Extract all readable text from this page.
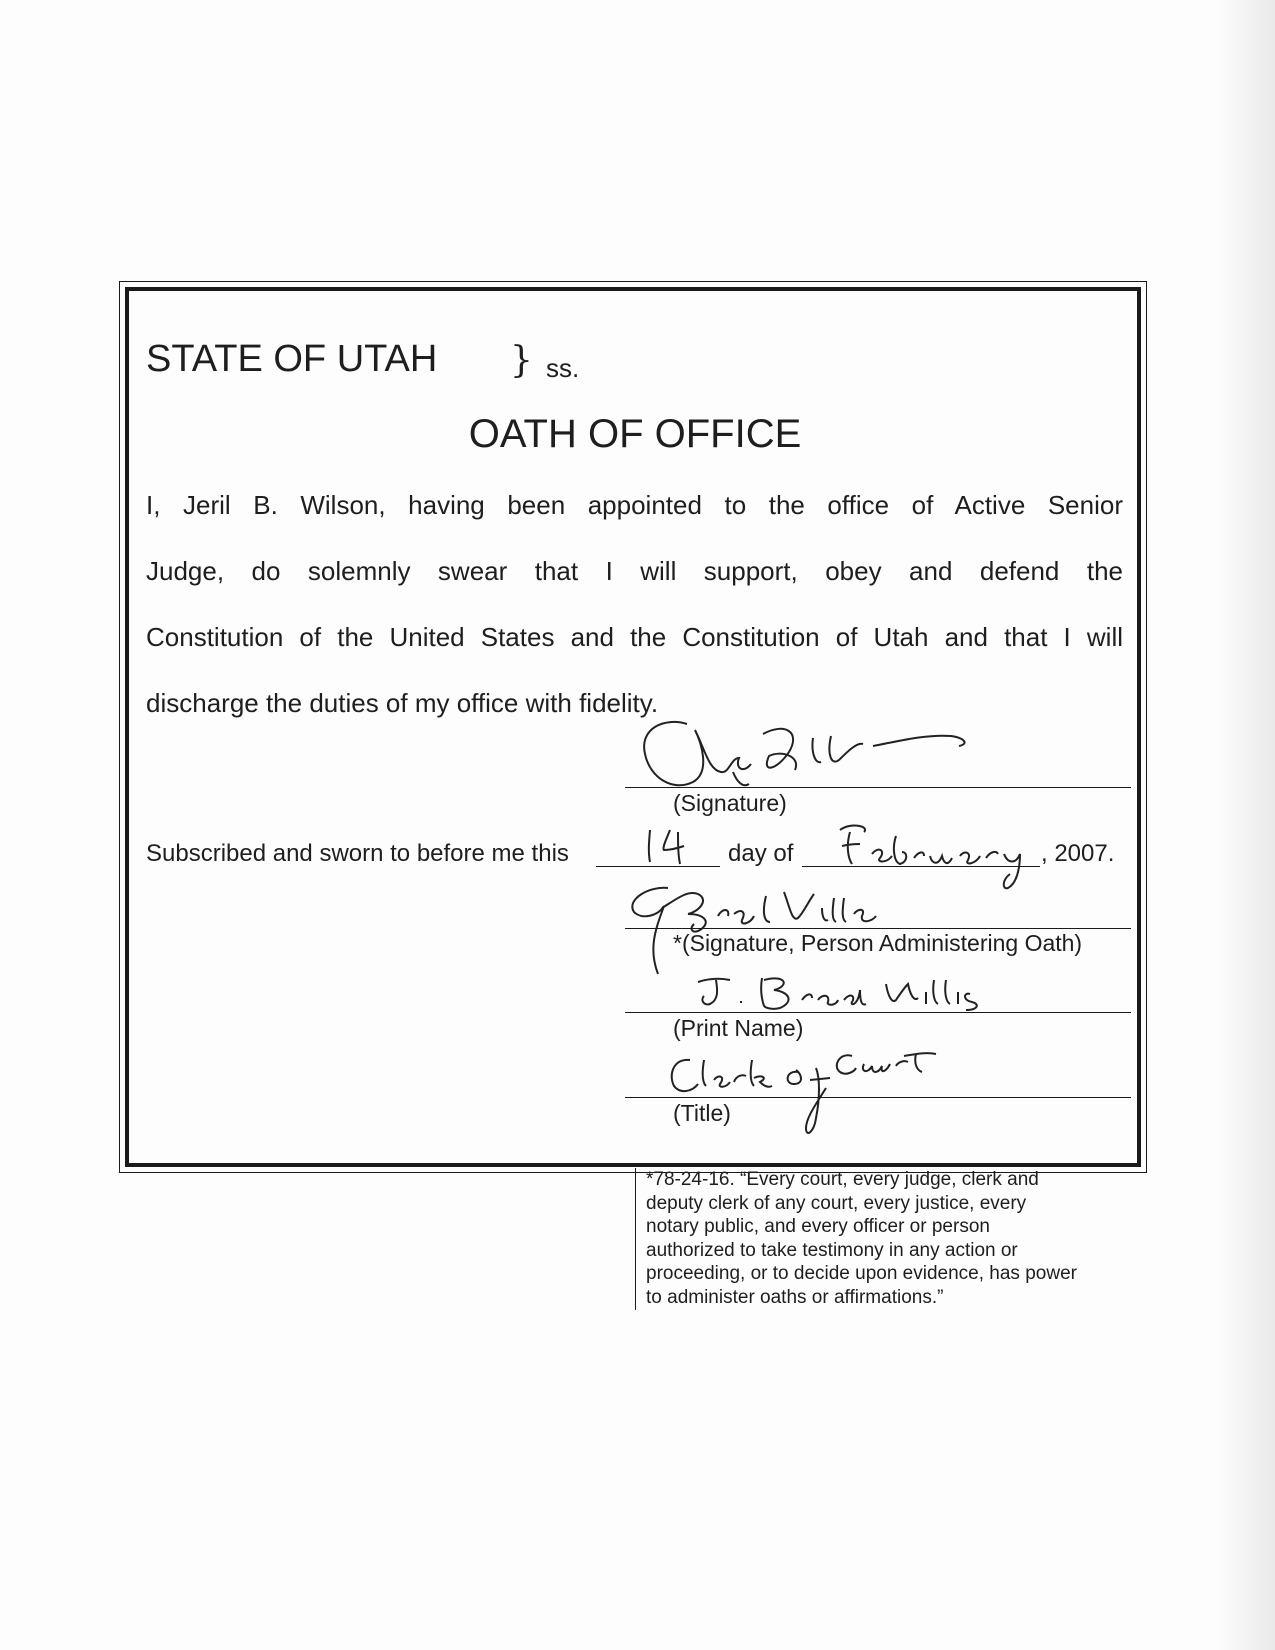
STATE OF UTAH } ss.
OATH OF OFFICE
I, Jeril B. Wilson, having been appointed to the office of Active Senior
Judge, do solemnly swear that I will support, obey and defend the
Constitution of the United States and the Constitution of Utah and that I will
discharge the duties of my office with fidelity.
(Signature)
Subscribed and sworn to before me this	day of	, 2007.
*(Signature, Person Administering Oath)
(Print Name)
(Title)
*78-24-16. “Every court, every judge, clerk and
deputy clerk of any court, every justice, every
notary public, and every officer or person
authorized to take testimony in any action or
proceeding, or to decide upon evidence, has power
to administer oaths or affirmations.”
